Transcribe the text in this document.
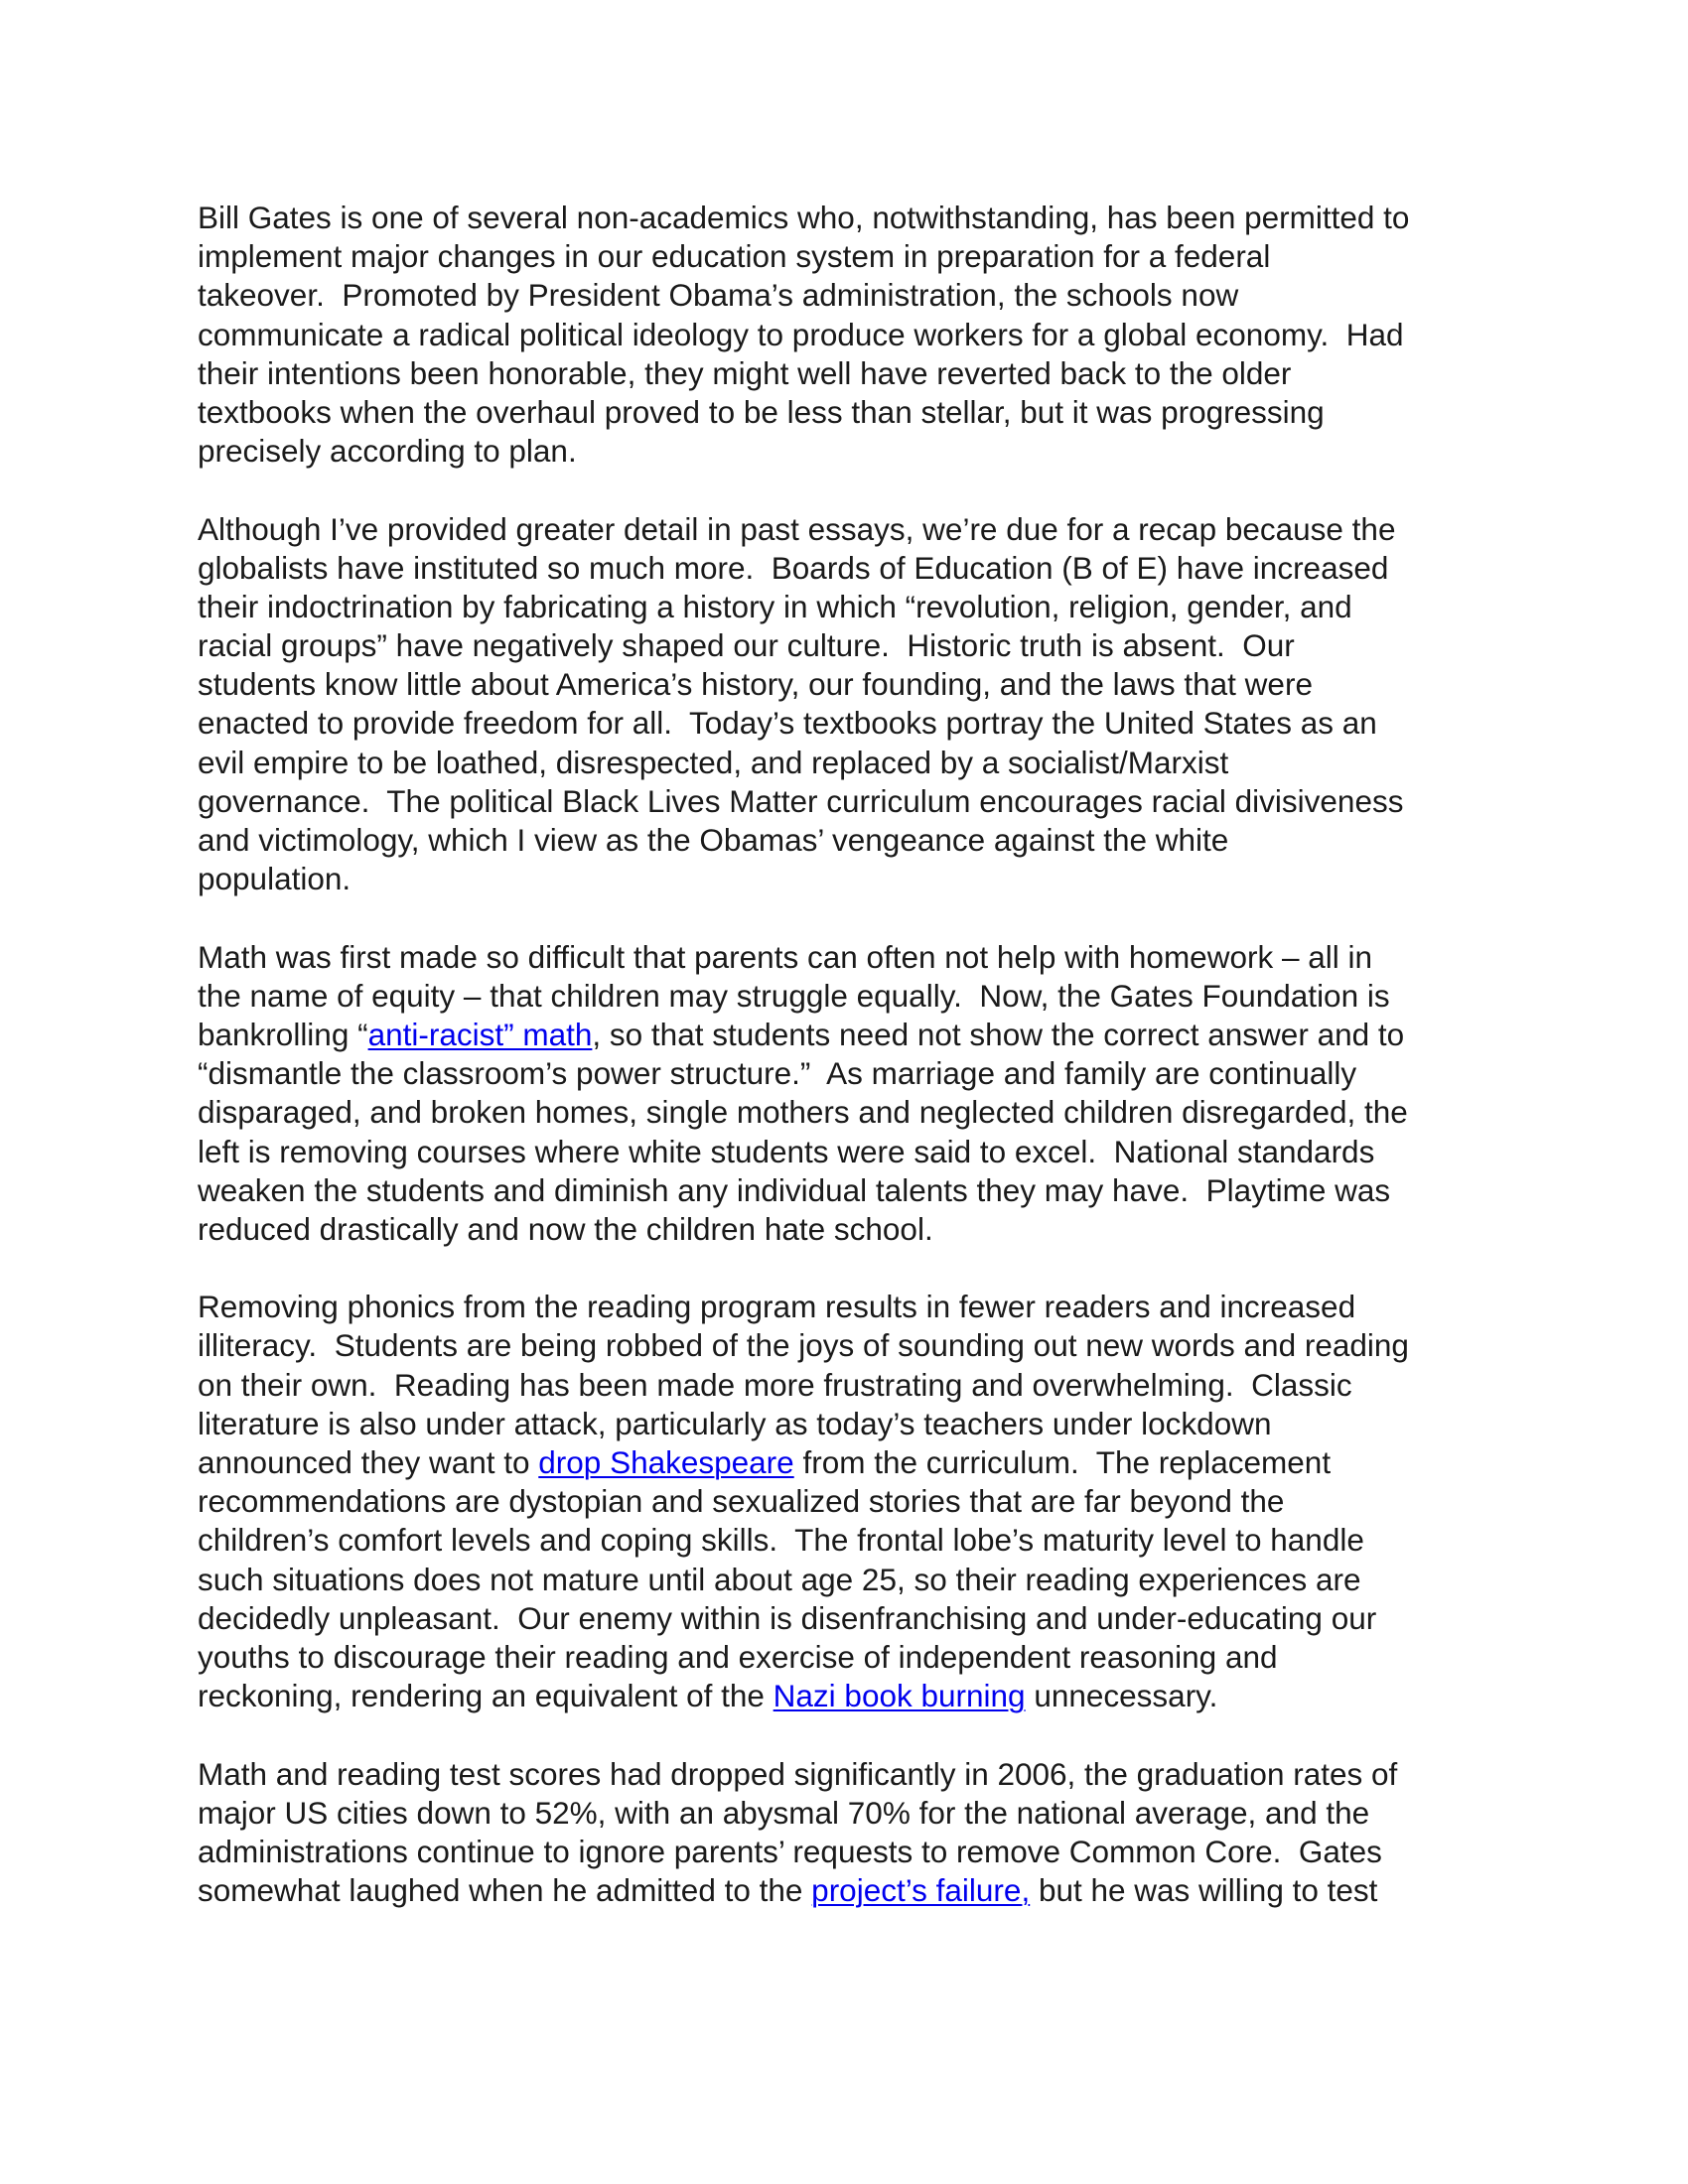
Bill Gates is one of several non-academics who, notwithstanding, has been permitted to
implement major changes in our education system in preparation for a federal
takeover.  Promoted by President Obama’s administration, the schools now
communicate a radical political ideology to produce workers for a global economy.  Had
their intentions been honorable, they might well have reverted back to the older
textbooks when the overhaul proved to be less than stellar, but it was progressing
precisely according to plan.
Although I’ve provided greater detail in past essays, we’re due for a recap because the
globalists have instituted so much more.  Boards of Education (B of E) have increased
their indoctrination by fabricating a history in which “revolution, religion, gender, and
racial groups” have negatively shaped our culture.  Historic truth is absent.  Our
students know little about America’s history, our founding, and the laws that were
enacted to provide freedom for all.  Today’s textbooks portray the United States as an
evil empire to be loathed, disrespected, and replaced by a socialist/Marxist
governance.  The political Black Lives Matter curriculum encourages racial divisiveness
and victimology, which I view as the Obamas’ vengeance against the white
population.
Math was first made so difficult that parents can often not help with homework – all in
the name of equity – that children may struggle equally.  Now, the Gates Foundation is
bankrolling “anti-racist” math, so that students need not show the correct answer and to
“dismantle the classroom’s power structure.”  As marriage and family are continually
disparaged, and broken homes, single mothers and neglected children disregarded, the
left is removing courses where white students were said to excel.  National standards
weaken the students and diminish any individual talents they may have.  Playtime was
reduced drastically and now the children hate school.
Removing phonics from the reading program results in fewer readers and increased
illiteracy.  Students are being robbed of the joys of sounding out new words and reading
on their own.  Reading has been made more frustrating and overwhelming.  Classic
literature is also under attack, particularly as today’s teachers under lockdown
announced they want to drop Shakespeare from the curriculum.  The replacement
recommendations are dystopian and sexualized stories that are far beyond the
children’s comfort levels and coping skills.  The frontal lobe’s maturity level to handle
such situations does not mature until about age 25, so their reading experiences are
decidedly unpleasant.  Our enemy within is disenfranchising and under-educating our
youths to discourage their reading and exercise of independent reasoning and
reckoning, rendering an equivalent of the Nazi book burning unnecessary.
Math and reading test scores had dropped significantly in 2006, the graduation rates of
major US cities down to 52%, with an abysmal 70% for the national average, and the
administrations continue to ignore parents’ requests to remove Common Core.  Gates
somewhat laughed when he admitted to the project’s failure, but he was willing to test
